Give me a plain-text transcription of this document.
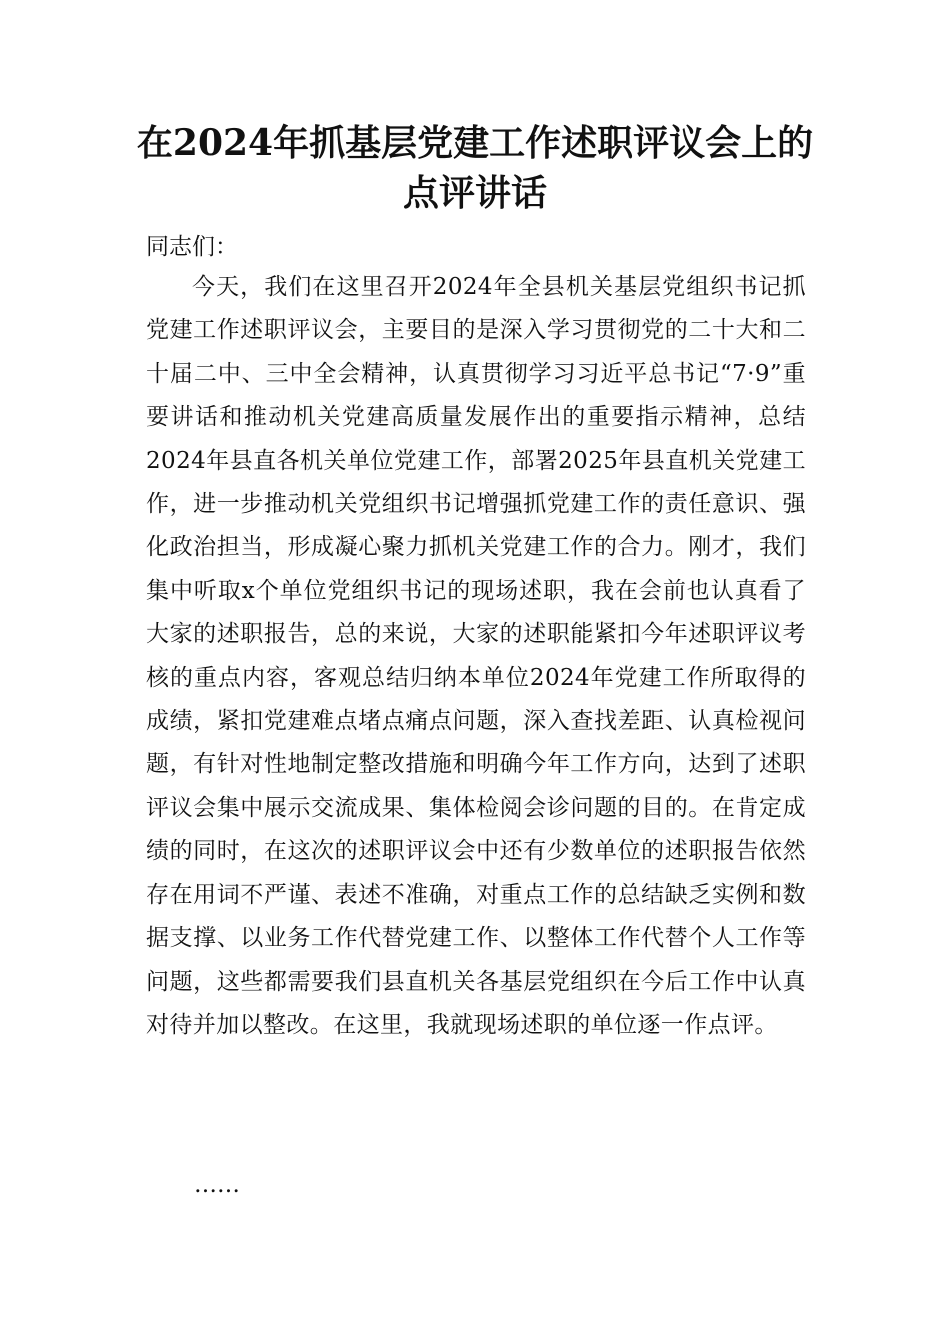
在2024年抓基层党建工作述职评议会上的
点评讲话

同志们：

今天，我们在这里召开2024年全县机关基层党组织书记抓党建工作述职评议会，主要目的是深入学习贯彻党的二十大和二十届二中、三中全会精神，认真贯彻学习习近平总书记“7·9”重要讲话和推动机关党建高质量发展作出的重要指示精神，总结2024年县直各机关单位党建工作，部署2025年县直机关党建工作，进一步推动机关党组织书记增强抓党建工作的责任意识、强化政治担当，形成凝心聚力抓机关党建工作的合力。刚才，我们集中听取x个单位党组织书记的现场述职，我在会前也认真看了大家的述职报告，总的来说，大家的述职能紧扣今年述职评议考核的重点内容，客观总结归纳本单位2024年党建工作所取得的成绩，紧扣党建难点堵点痛点问题，深入查找差距、认真检视问题，有针对性地制定整改措施和明确今年工作方向，达到了述职评议会集中展示交流成果、集体检阅会诊问题的目的。在肯定成绩的同时，在这次的述职评议会中还有少数单位的述职报告依然存在用词不严谨、表述不准确，对重点工作的总结缺乏实例和数据支撑、以业务工作代替党建工作、以整体工作代替个人工作等问题，这些都需要我们县直机关各基层党组织在今后工作中认真对待并加以整改。在这里，我就现场述职的单位逐一作点评。

……
